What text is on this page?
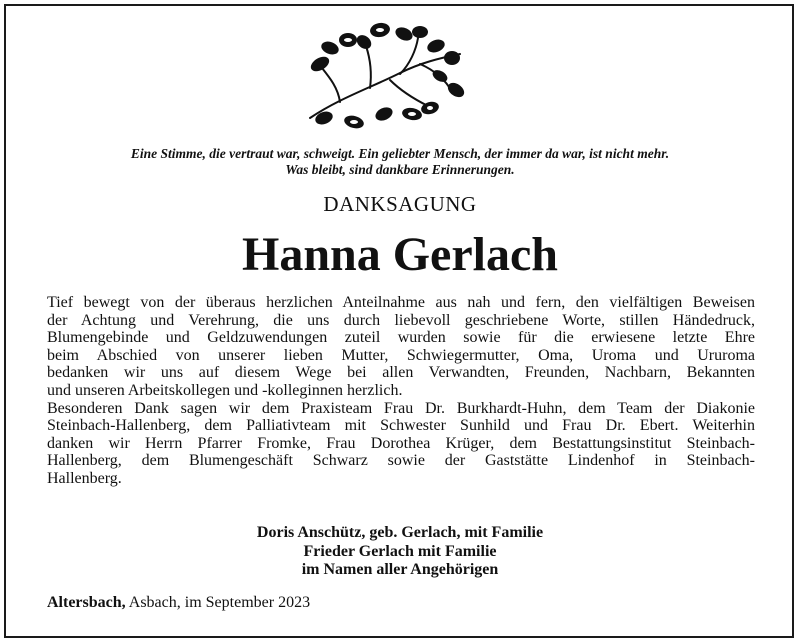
Eine Stimme, die vertraut war, schweigt. Ein geliebter Mensch, der immer da war, ist nicht mehr.
Was bleibt, sind dankbare Erinnerungen.
DANKSAGUNG
Hanna Gerlach
Tief bewegt von der überaus herzlichen Anteilnahme aus nah und fern, den vielfältigen Beweisen
der Achtung und Verehrung, die uns durch liebevoll geschriebene Worte, stillen Händedruck,
Blumengebinde und Geldzuwendungen zuteil wurden sowie für die erwiesene letzte Ehre
beim Abschied von unserer lieben Mutter, Schwiegermutter, Oma, Uroma und Ururoma
bedanken wir uns auf diesem Wege bei allen Verwandten, Freunden, Nachbarn, Bekannten
und unseren Arbeitskollegen und -kolleginnen herzlich.
Besonderen Dank sagen wir dem Praxisteam Frau Dr. Burkhardt-Huhn, dem Team der Diakonie
Steinbach-Hallenberg, dem Palliativteam mit Schwester Sunhild und Frau Dr. Ebert. Weiterhin
danken wir Herrn Pfarrer Fromke, Frau Dorothea Krüger, dem Bestattungsinstitut Steinbach-
Hallenberg, dem Blumengeschäft Schwarz sowie der Gaststätte Lindenhof in Steinbach-
Hallenberg.
Doris Anschütz, geb. Gerlach, mit Familie
Frieder Gerlach mit Familie
im Namen aller Angehörigen
Altersbach, Asbach, im September 2023
